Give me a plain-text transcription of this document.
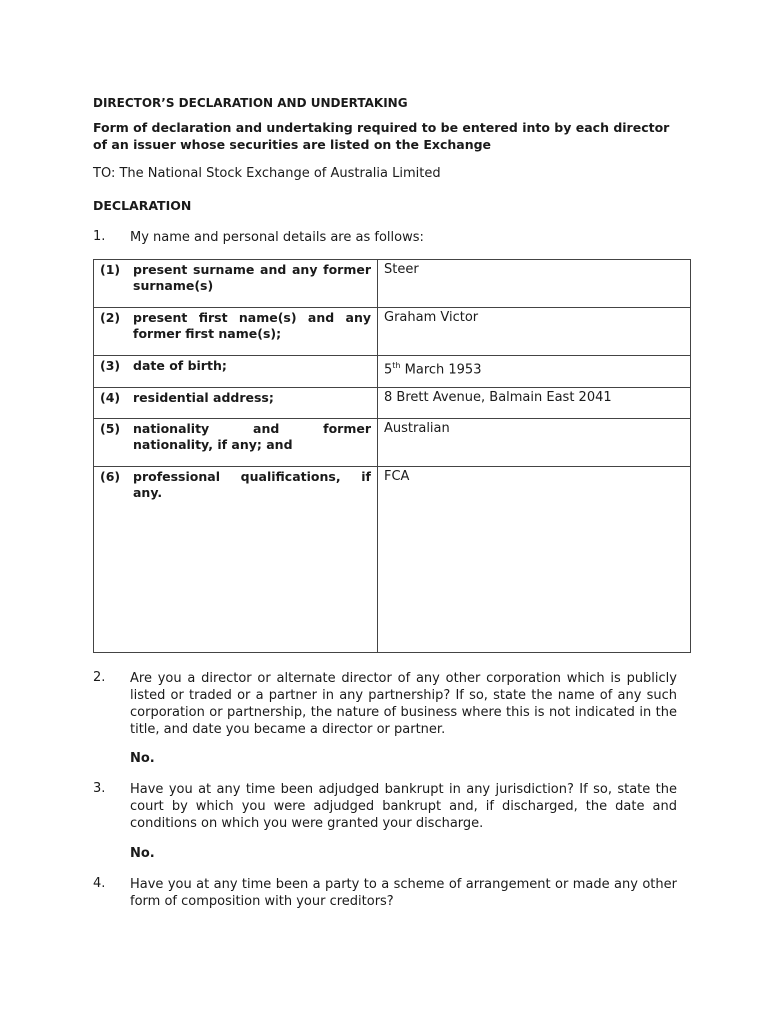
DIRECTOR’S DECLARATION AND UNDERTAKING
Form of declaration and undertaking required to be entered into by each director of an issuer whose securities are listed on the Exchange
TO: The National Stock Exchange of Australia Limited
DECLARATION
1. My name and personal details are as follows:
(1) present surname and any former surname(s)	Steer

(2) present first name(s) and any former first name(s);	Graham Victor

(3) date of birth;	5th March 1953

(4) residential address;	8 Brett Avenue, Balmain East 2041

(5) nationality and former nationality, if any; and	Australian

(6) professional qualifications, if any.	FCA
2. Are you a director or alternate director of any other corporation which is publicly listed or traded or a partner in any partnership? If so, state the name of any such corporation or partnership, the nature of business where this is not indicated in the title, and date you became a director or partner.
No.
3. Have you at any time been adjudged bankrupt in any jurisdiction? If so, state the court by which you were adjudged bankrupt and, if discharged, the date and conditions on which you were granted your discharge.
No.
4. Have you at any time been a party to a scheme of arrangement or made any other form of composition with your creditors?
